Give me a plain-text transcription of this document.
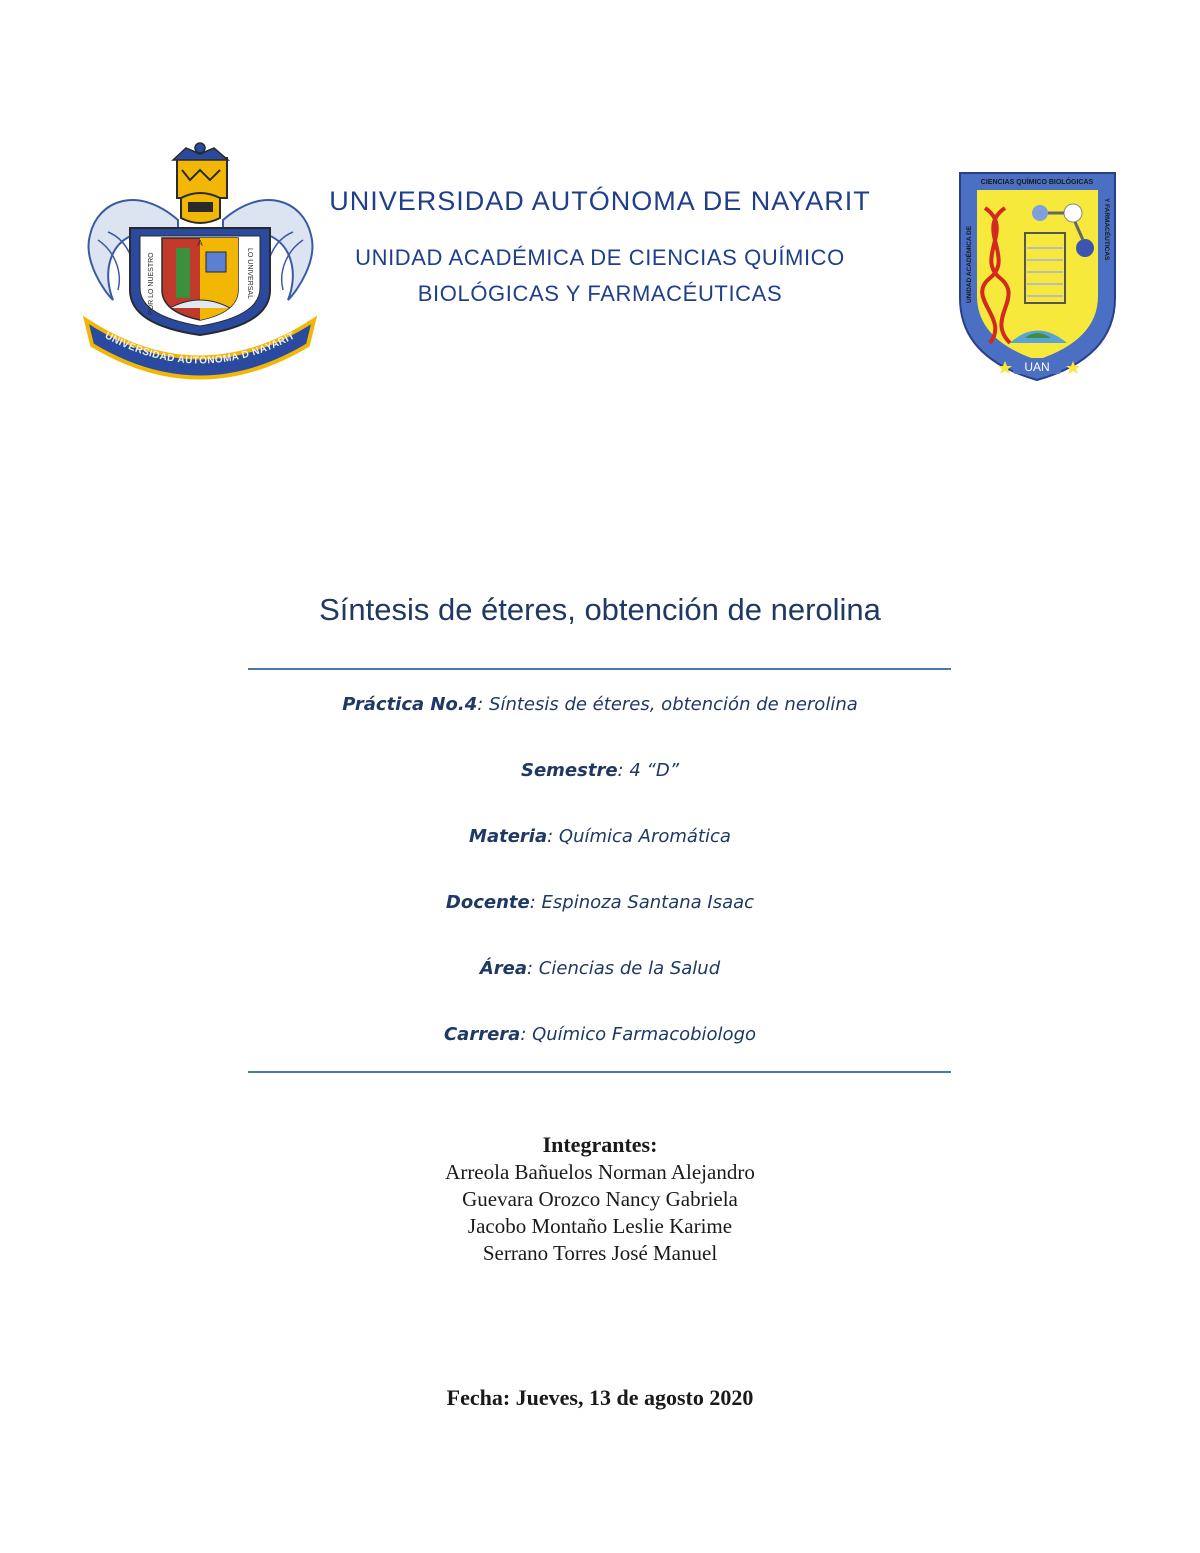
A
POR LO NUESTRO	LO UNIVERSAL
UNIVERSIDAD AUTÓNOMA D NAYARIT
CIENCIAS QUÍMICO BIOLÓGICAS
UNIDAD ACADÉMICA DE	Y FARMACÉUTICAS
UAN
UNIVERSIDAD AUTÓNOMA DE NAYARIT
UNIDAD ACADÉMICA DE CIENCIAS QUÍMICO
BIOLÓGICAS Y FARMACÉUTICAS
Síntesis de éteres, obtención de nerolina
Práctica No.4: Síntesis de éteres, obtención de nerolina
Semestre: 4 “D”
Materia: Química Aromática
Docente: Espinoza Santana Isaac
Área: Ciencias de la Salud
Carrera: Químico Farmacobiologo
Integrantes:
Arreola Bañuelos Norman Alejandro
Guevara Orozco Nancy Gabriela
Jacobo Montaño Leslie Karime
Serrano Torres José Manuel
Fecha: Jueves, 13 de agosto 2020
